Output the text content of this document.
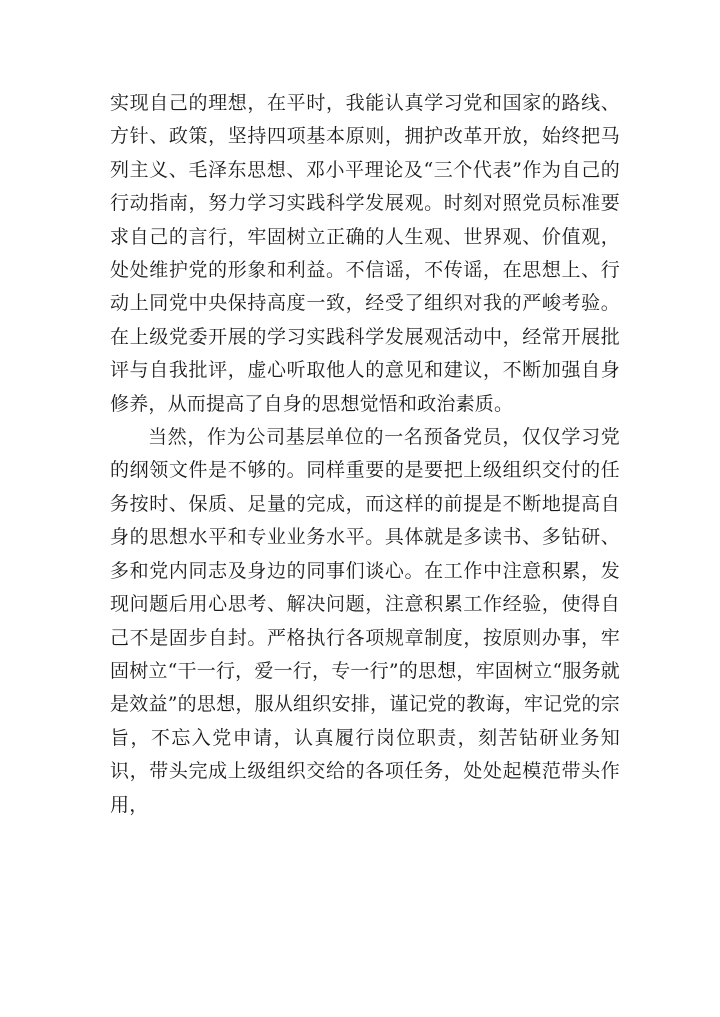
实现自己的理想，在平时，我能认真学习党和国家的路线、方针、政策，坚持四项基本原则，拥护改革开放，始终把马列主义、毛泽东思想、邓小平理论及“三个代表”作为自己的行动指南，努力学习实践科学发展观。时刻对照党员标准要求自己的言行，牢固树立正确的人生观、世界观、价值观，处处维护党的形象和利益。不信谣，不传谣，在思想上、行动上同党中央保持高度一致，经受了组织对我的严峻考验。在上级党委开展的学习实践科学发展观活动中，经常开展批评与自我批评，虚心听取他人的意见和建议，不断加强自身修养，从而提高了自身的思想觉悟和政治素质。

当然，作为公司基层单位的一名预备党员，仅仅学习党的纲领文件是不够的。同样重要的是要把上级组织交付的任务按时、保质、足量的完成，而这样的前提是不断地提高自身的思想水平和专业业务水平。具体就是多读书、多钻研、多和党内同志及身边的同事们谈心。在工作中注意积累，发现问题后用心思考、解决问题，注意积累工作经验，使得自己不是固步自封。严格执行各项规章制度，按原则办事，牢固树立“干一行，爱一行，专一行”的思想，牢固树立“服务就是效益”的思想，服从组织安排，谨记党的教诲，牢记党的宗旨，不忘入党申请，认真履行岗位职责，刻苦钻研业务知识，带头完成上级组织交给的各项任务，处处起模范带头作用，
